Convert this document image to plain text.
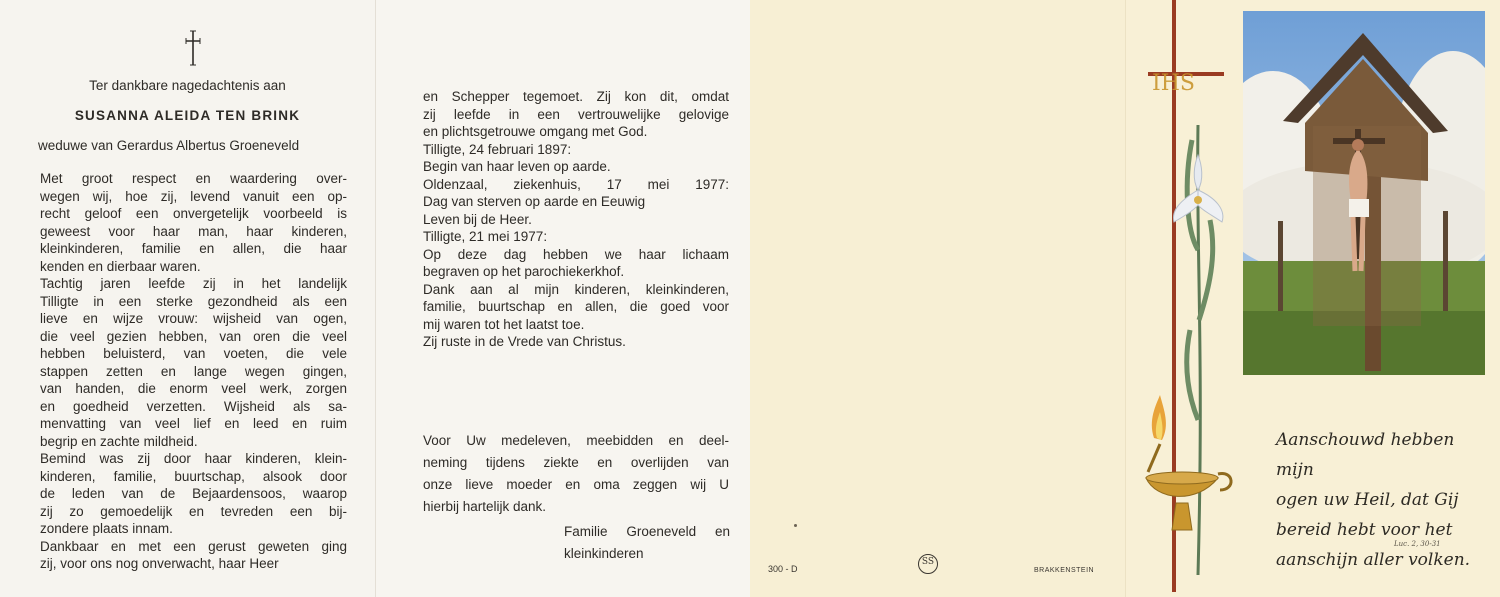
Ter dankbare nagedachtenis aan
SUSANNA ALEIDA TEN BRINK
weduwe van Gerardus Albertus Groeneveld
Met groot respect en waardering over-
wegen wij, hoe zij, levend vanuit een op-
recht geloof een onvergetelijk voorbeeld is
geweest voor haar man, haar kinderen,
kleinkinderen, familie en allen, die haar
kenden en dierbaar waren.
Tachtig jaren leefde zij in het landelijk
Tilligte in een sterke gezondheid als een
lieve en wijze vrouw: wijsheid van ogen,
die veel gezien hebben, van oren die veel
hebben beluisterd, van voeten, die vele
stappen zetten en lange wegen gingen,
van handen, die enorm veel werk, zorgen
en goedheid verzetten. Wijsheid als sa-
menvatting van veel lief en leed en ruim
begrip en zachte mildheid.
Bemind was zij door haar kinderen, klein-
kinderen, familie, buurtschap, alsook door
de leden van de Bejaardensoos, waarop
zij zo gemoedelijk en tevreden een bij-
zondere plaats innam.
Dankbaar en met een gerust geweten ging
zij, voor ons nog onverwacht, haar Heer
en Schepper tegemoet. Zij kon dit, omdat
zij leefde in een vertrouwelijke gelovige
en plichtsgetrouwe omgang met God.
Tilligte, 24 februari 1897:
Begin van haar leven op aarde.
Oldenzaal, ziekenhuis, 17 mei 1977:
Dag van sterven op aarde en Eeuwig
Leven bij de Heer.
Tilligte, 21 mei 1977:
Op deze dag hebben we haar lichaam
begraven op het parochiekerkhof.
Dank aan al mijn kinderen, kleinkinderen,
familie, buurtschap en allen, die goed voor
mij waren tot het laatst toe.
Zij ruste in de Vrede van Christus.
Voor Uw medeleven, meebidden en deel-
neming tijdens ziekte en overlijden van
onze lieve moeder en oma zeggen wij U
hierbij hartelijk dank.
Familie Groeneveld en
kleinkinderen
300 - D
SS
BRAKKENSTEIN
IHS
Aanschouwd hebben mijn
ogen uw Heil, dat Gij
bereid hebt voor het
aanschijn aller volken.
Luc. 2, 30-31
